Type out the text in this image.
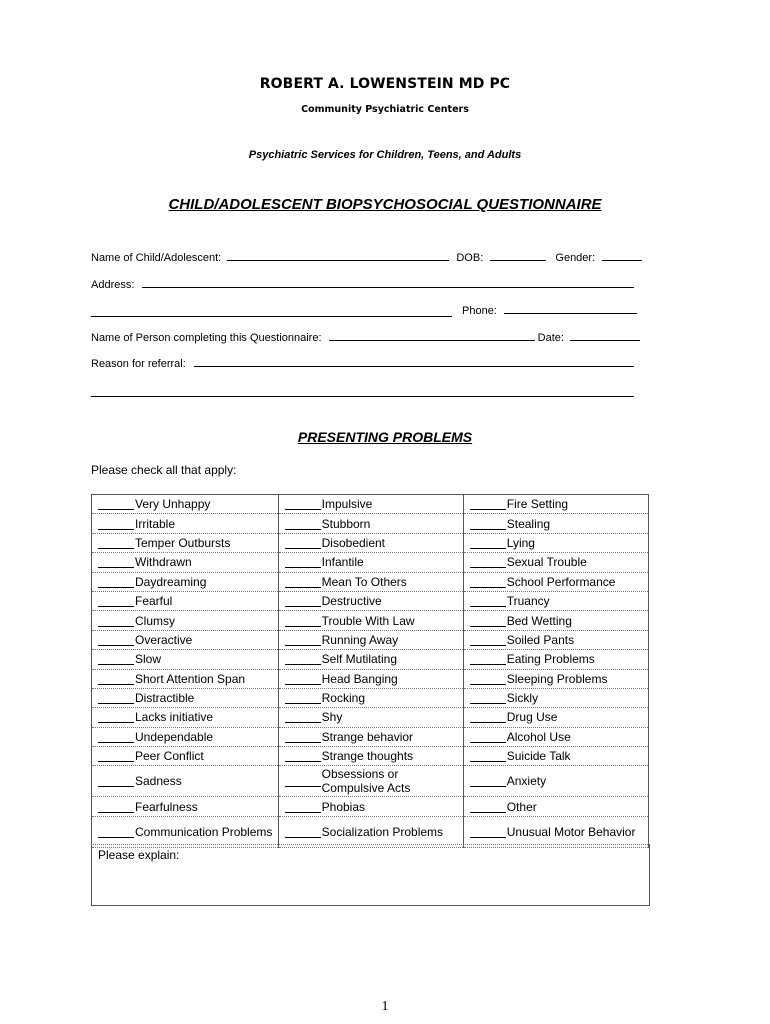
ROBERT A. LOWENSTEIN MD PC
Community Psychiatric Centers
Psychiatric Services for Children, Teens, and Adults
CHILD/ADOLESCENT BIOPSYCHOSOCIAL QUESTIONNAIRE
Name of Child/Adolescent:	DOB:	Gender:
Address:
Phone:
Name of Person completing this Questionnaire:	Date:
Reason for referral:
PRESENTING PROBLEMS
Please check all that apply:
Very Unhappy	Impulsive	Fire Setting

Irritable	Stubborn	Stealing

Temper Outbursts	Disobedient	Lying

Withdrawn	Infantile	Sexual Trouble

Daydreaming	Mean To Others	School Performance

Fearful	Destructive	Truancy

Clumsy	Trouble With Law	Bed Wetting

Overactive	Running Away	Soiled Pants

Slow	Self Mutilating	Eating Problems

Short Attention Span	Head Banging	Sleeping Problems

Distractible	Rocking	Sickly

Lacks initiative	Shy	Drug Use

Undependable	Strange behavior	Alcohol Use

Peer Conflict	Strange thoughts	Suicide Talk

Sadness	Obsessions or Compulsive Acts	Anxiety

Fearfulness	Phobias	Other

Communication Problems	Socialization Problems	Unusual Motor Behavior
Please explain:
1
